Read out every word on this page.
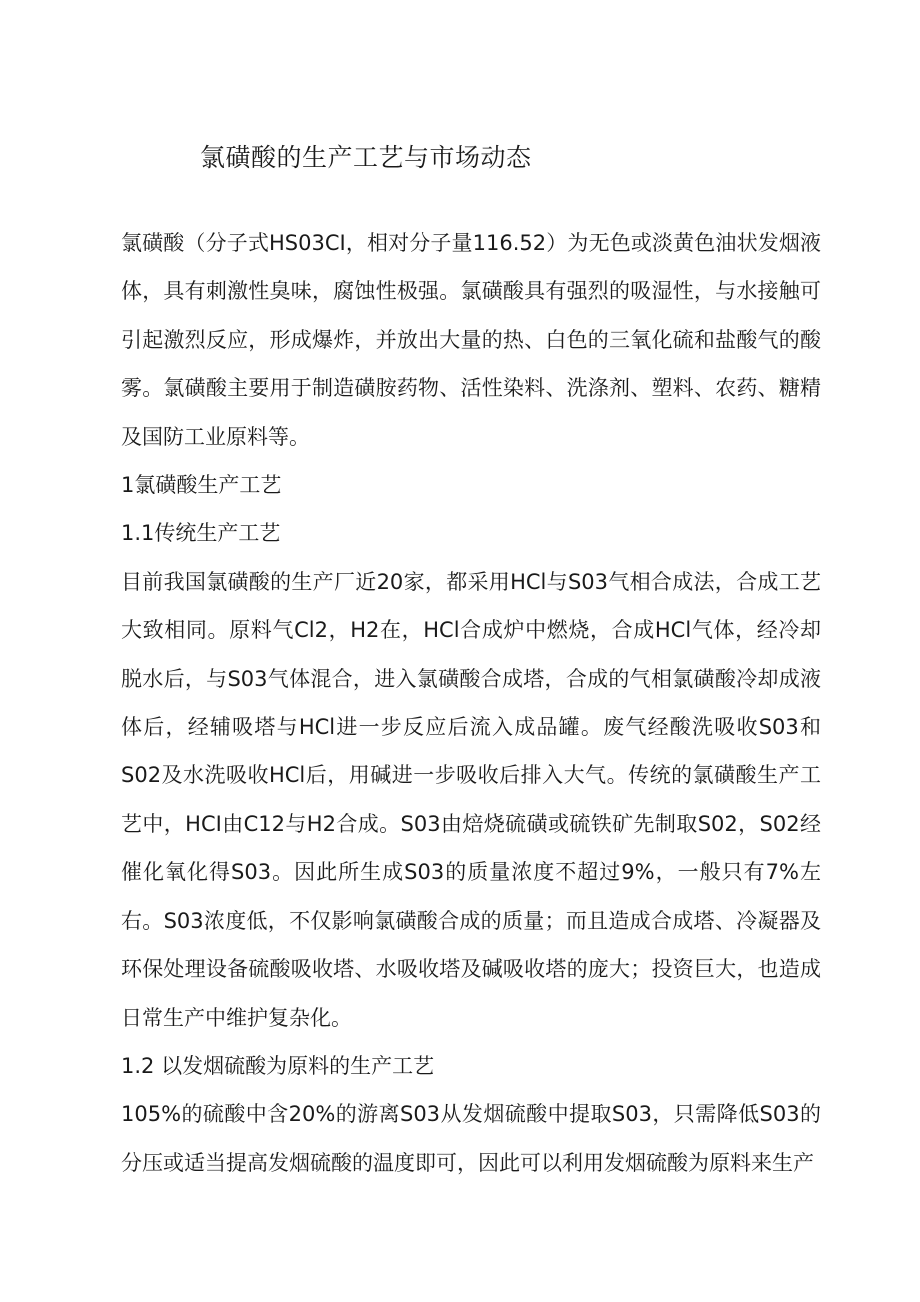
氯磺酸的生产工艺与市场动态

氯磺酸（分子式HS03CI，相对分子量116.52）为无色或淡黄色油状发烟液体，具有刺激性臭味，腐蚀性极强。氯磺酸具有强烈的吸湿性，与水接触可引起激烈反应，形成爆炸，并放出大量的热、白色的三氧化硫和盐酸气的酸雾。氯磺酸主要用于制造磺胺药物、活性染料、洗涤剂、塑料、农药、糖精及国防工业原料等。

1氯磺酸生产工艺

1.1传统生产工艺

目前我国氯磺酸的生产厂近20家，都采用HCl与S03气相合成法，合成工艺大致相同。原料气Cl2，H2在，HCl合成炉中燃烧，合成HCl气体，经冷却脱水后，与S03气体混合，进入氯磺酸合成塔，合成的气相氯磺酸冷却成液体后，经辅吸塔与HCl进一步反应后流入成品罐。废气经酸洗吸收S03和S02及水洗吸收HCl后，用碱进一步吸收后排入大气。传统的氯磺酸生产工艺中，HCI由C12与H2合成。S03由焙烧硫磺或硫铁矿先制取S02，S02经催化氧化得S03。因此所生成S03的质量浓度不超过9%，一般只有7%左右。S03浓度低，不仅影响氯磺酸合成的质量；而且造成合成塔、冷凝器及环保处理设备硫酸吸收塔、水吸收塔及碱吸收塔的庞大；投资巨大，也造成日常生产中维护复杂化。

1.2 以发烟硫酸为原料的生产工艺

105%的硫酸中含20%的游离S03从发烟硫酸中提取S03，只需降低S03的分压或适当提高发烟硫酸的温度即可，因此可以利用发烟硫酸为原料来生产
